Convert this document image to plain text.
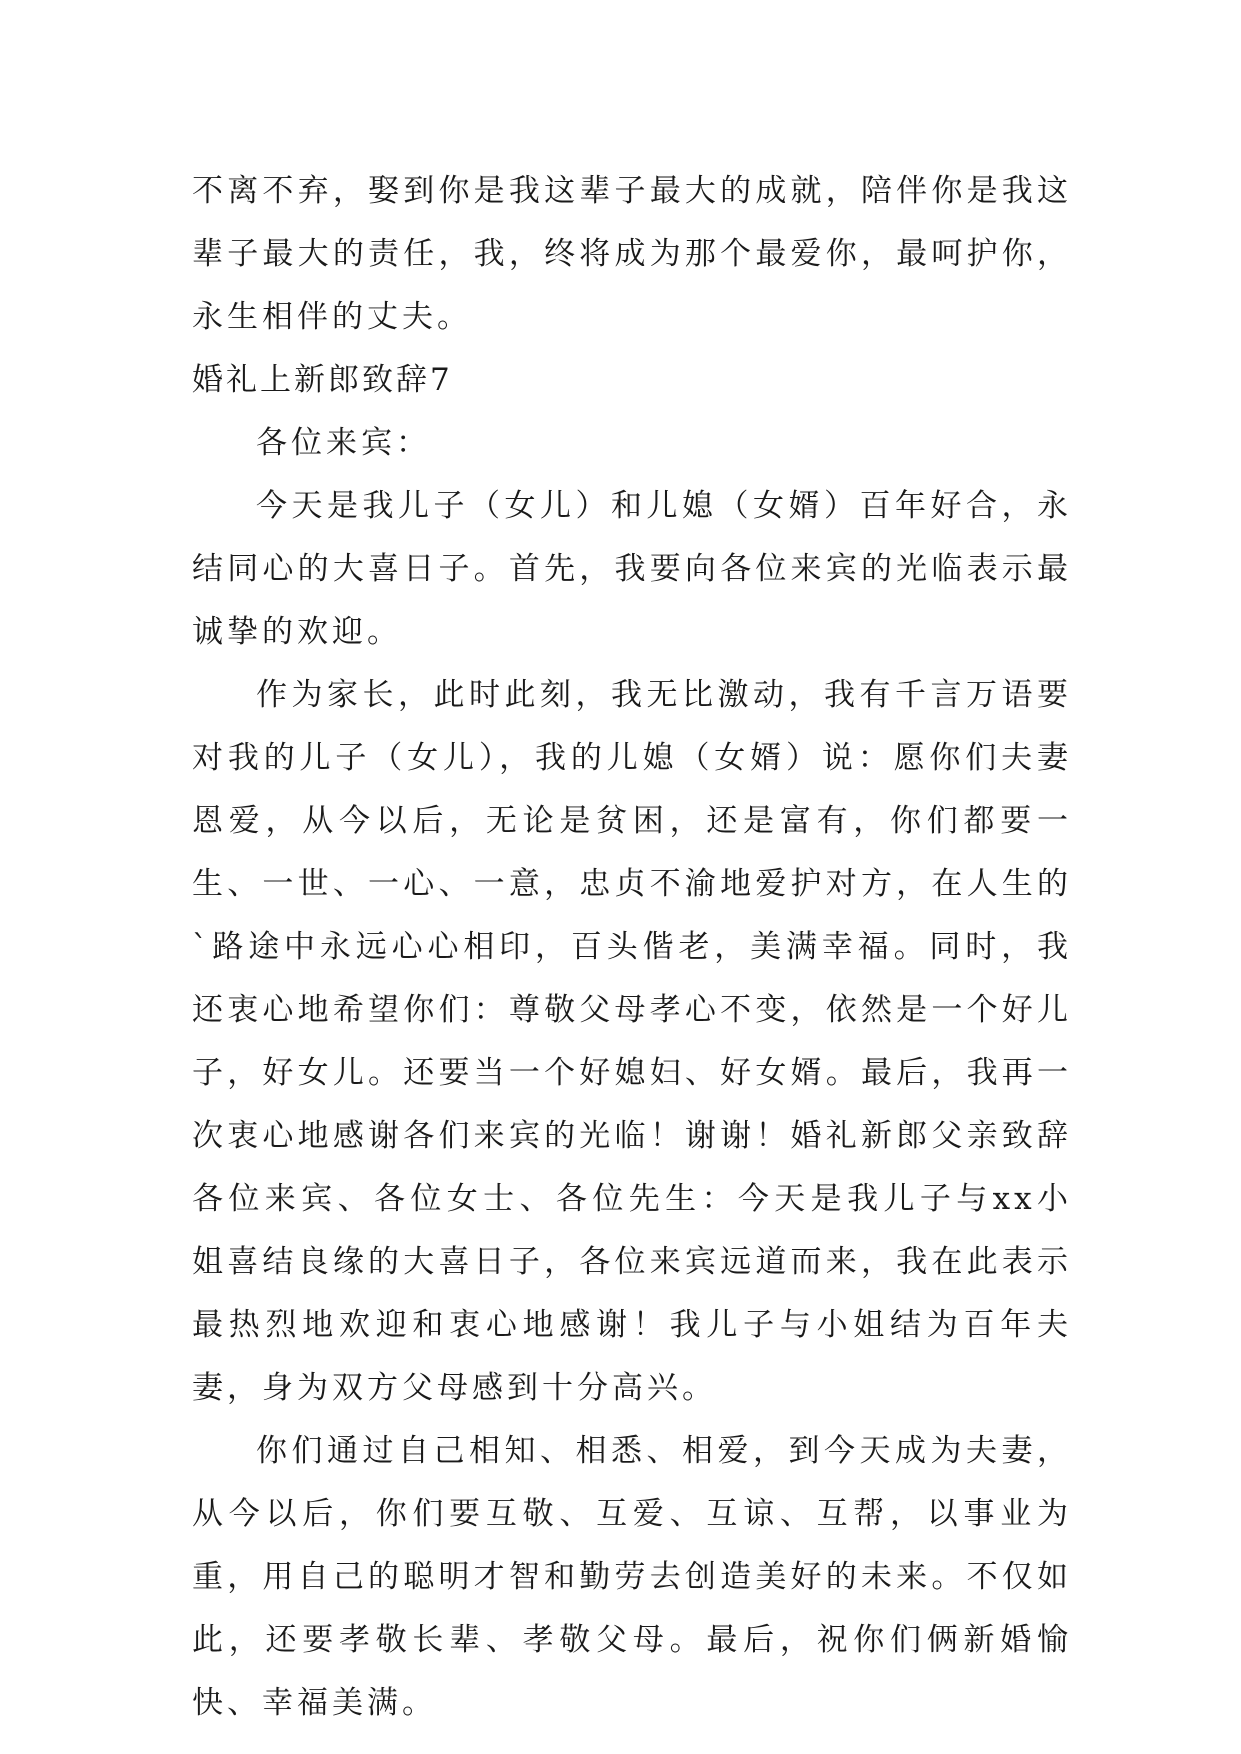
不离不弃，娶到你是我这辈子最大的成就，陪伴你是我这辈子最大的责任，我，终将成为那个最爱你，最呵护你，永生相伴的丈夫。

婚礼上新郎致辞7

各位来宾：

今天是我儿子（女儿）和儿媳（女婿）百年好合，永结同心的大喜日子。首先，我要向各位来宾的光临表示最诚挚的欢迎。

作为家长，此时此刻，我无比激动，我有千言万语要对我的儿子（女儿），我的儿媳（女婿）说：愿你们夫妻恩爱，从今以后，无论是贫困，还是富有，你们都要一生、一世、一心、一意，忠贞不渝地爱护对方，在人生的`路途中永远心心相印，百头偕老，美满幸福。同时，我还衷心地希望你们：尊敬父母孝心不变，依然是一个好儿子，好女儿。还要当一个好媳妇、好女婿。最后，我再一次衷心地感谢各们来宾的光临！谢谢！婚礼新郎父亲致辞各位来宾、各位女士、各位先生：今天是我儿子与xx小姐喜结良缘的大喜日子，各位来宾远道而来，我在此表示最热烈地欢迎和衷心地感谢！我儿子与小姐结为百年夫妻，身为双方父母感到十分高兴。

你们通过自己相知、相悉、相爱，到今天成为夫妻，从今以后，你们要互敬、互爱、互谅、互帮，以事业为重，用自己的聪明才智和勤劳去创造美好的未来。不仅如此，还要孝敬长辈、孝敬父母。最后，祝你们俩新婚愉快、幸福美满。
